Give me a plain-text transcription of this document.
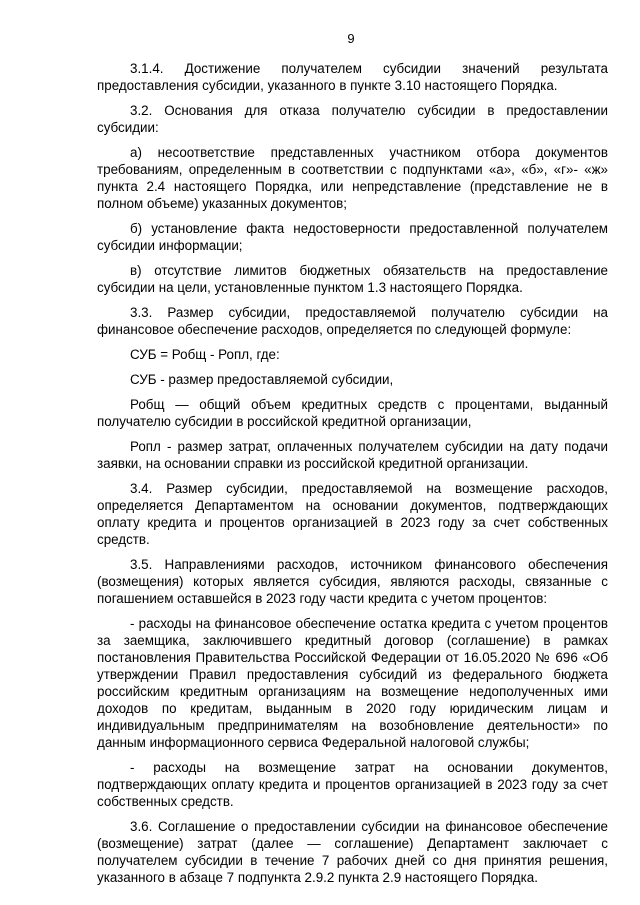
9

3.1.4. Достижение получателем субсидии значений результата предоставления субсидии, указанного в пункте 3.10 настоящего Порядка.

3.2. Основания для отказа получателю субсидии в предоставлении субсидии:

а) несоответствие представленных участником отбора документов требованиям, определенным в соответствии с подпунктами «а», «б», «г»- «ж» пункта 2.4 настоящего Порядка, или непредставление (представление не в полном объеме) указанных документов;

б) установление факта недостоверности предоставленной получателем субсидии информации;

в) отсутствие лимитов бюджетных обязательств на предоставление субсидии на цели, установленные пунктом 1.3 настоящего Порядка.

3.3. Размер субсидии, предоставляемой получателю субсидии на финансовое обеспечение расходов, определяется по следующей формуле:

СУБ = Робщ - Ропл, где:

СУБ - размер предоставляемой субсидии,

Робщ — общий объем кредитных средств с процентами, выданный получателю субсидии в российской кредитной организации,

Ропл - размер затрат, оплаченных получателем субсидии на дату подачи заявки, на основании справки из российской кредитной организации.

3.4. Размер субсидии, предоставляемой на возмещение расходов, определяется Департаментом на основании документов, подтверждающих оплату кредита и процентов организацией в 2023 году за счет собственных средств.

3.5. Направлениями расходов, источником финансового обеспечения (возмещения) которых является субсидия, являются расходы, связанные с погашением оставшейся в 2023 году части кредита с учетом процентов:

- расходы на финансовое обеспечение остатка кредита с учетом процентов за заемщика, заключившего кредитный договор (соглашение) в рамках постановления Правительства Российской Федерации от 16.05.2020 № 696 «Об утверждении Правил предоставления субсидий из федерального бюджета российским кредитным организациям на возмещение недополученных ими доходов по кредитам, выданным в 2020 году юридическим лицам и индивидуальным предпринимателям на возобновление деятельности» по данным информационного сервиса Федеральной налоговой службы;

- расходы на возмещение затрат на основании документов, подтверждающих оплату кредита и процентов организацией в 2023 году за счет собственных средств.

3.6. Соглашение о предоставлении субсидии на финансовое обеспечение (возмещение) затрат (далее — соглашение) Департамент заключает с получателем субсидии в течение 7 рабочих дней со дня принятия решения, указанного в абзаце 7 подпункта 2.9.2 пункта 2.9 настоящего Порядка.
